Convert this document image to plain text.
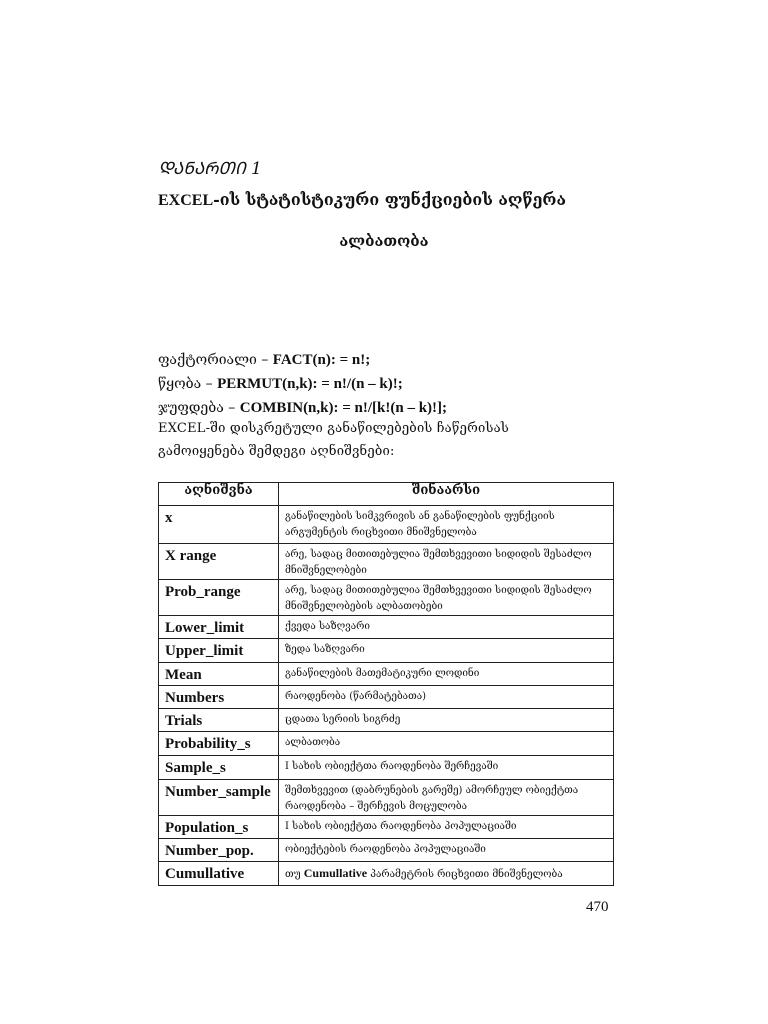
ᲓᲐᲜᲐᲠᲗᲘ 1
EXCEL-ის სტატისტიკური ფუნქციების აღწერა
ალბათობა
ფაქტორიალი – FACT(n): = n!;
წყობა – PERMUT(n,k): = n!/(n – k)!;
ჯუფდება – COMBIN(n,k): = n!/[k!(n – k)!];
EXCEL-ში დისკრეტული განაწილებების ჩაწერისას
გამოიყენება შემდეგი აღნიშვნები:
აღნიშვნა	შინაარსი
x	განაწილების სიმკვრივის ან განაწილების ფუნქციის არგუმენტის რიცხვითი მნიშვნელობა
X range	არე, სადაც მითითებულია შემთხვევითი სიდიდის შესაძლო მნიშვნელობები
Prob_range	არე, სადაც მითითებულია შემთხვევითი სიდიდის შესაძლო მნიშვნელობების ალბათობები
Lower_limit	ქვედა საზღვარი
Upper_limit	ზედა საზღვარი
Mean	განაწილების მათემატიკური ლოდინი
Numbers	რაოდენობა (წარმატებათა)
Trials	ცდათა სერიის სიგრძე
Probability_s	ალბათობა
Sample_s	I სახის ობიექტთა რაოდენობა შერჩევაში
Number_sample	შემთხვევით (დაბრუნების გარეშე) ამორჩეულ ობიექტთა რაოდენობა – შერჩევის მოცულობა
Population_s	I სახის ობიექტთა რაოდენობა პოპულაციაში
Number_pop.	ობიექტების რაოდენობა პოპულაციაში
Cumullative	თუ Cumullative პარამეტრის რიცხვითი მნიშვნელობა
470
